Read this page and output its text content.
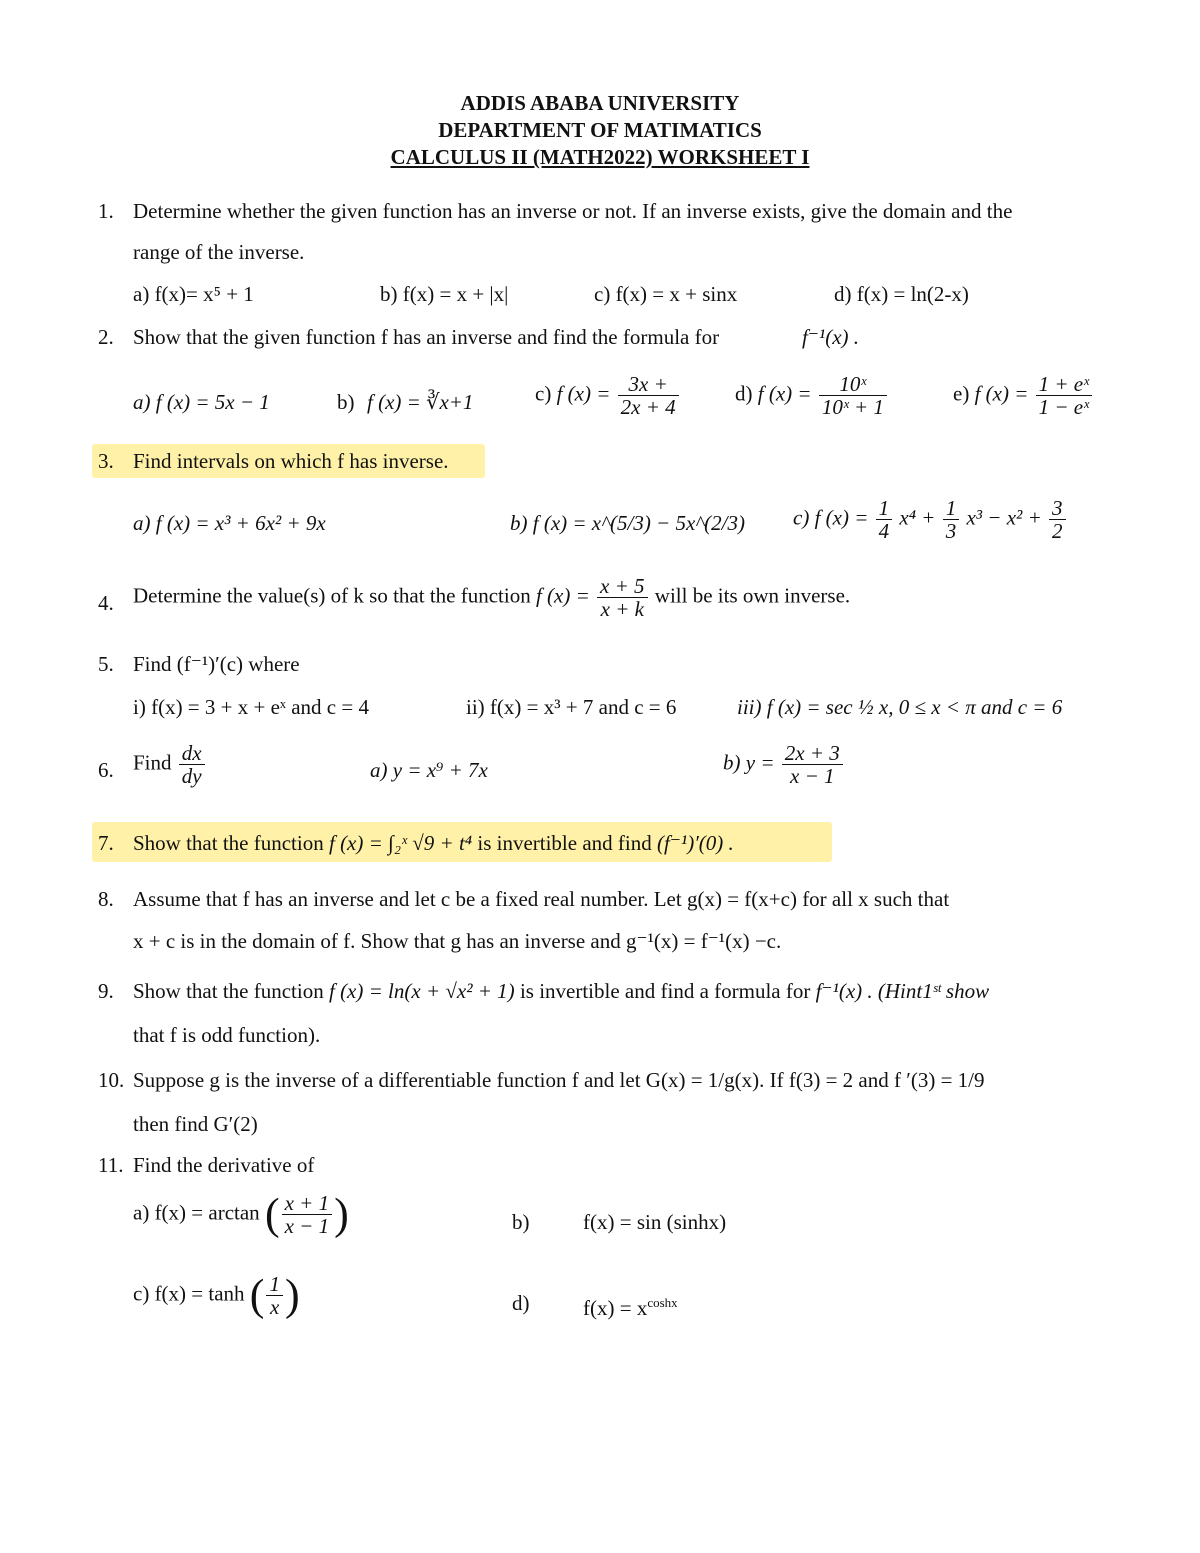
ADDIS ABABA UNIVERSITY
DEPARTMENT OF MATIMATICS
CALCULUS II (MATH2022) WORKSHEET I
1. Determine whether the given function has an inverse or not. If an inverse exists, give the domain and the
range of the inverse.
a) f(x)= x⁵ + 1	b) f(x) = x + |x|	c) f(x) = x + sinx	d) f(x) = ln(2-x)
2. Show that the given function f has an inverse and find the formula for	f⁻¹(x) .
a) f (x) = 5x − 1	b) f (x) = ∛x+1	c) f $(x) = \frac{3x +}{2x + 4}$	d) f $(x) = \frac{\text{10ˣ}}{\text{10ˣ + 1}}$	e) f $(x) = \frac{\text{1 + eˣ}}{\text{1 − eˣ}}$
3. Find intervals on which f has inverse.
a) f (x) = x³ + 6x² + 9x	b) f (x) = x^(5/3) − 5x^(2/3) c) f $(x) = \frac{1}{4} x^4 + \frac{1}{3} x^3 - x^2 + \frac{3}{2}$
4. Determine the value(s) of k so that the function f $(x) = \frac{x + 5}{x + k}$ will be its own inverse.
5. Find (f⁻¹)′(c) where
i) f(x) = 3 + x + eˣ and c = 4	ii) f(x) = x³ + 7 and c = 6	iii) f (x) = sec ½ x, 0 ≤ x < π and c = 6
6. Find $\frac{dx}{dy}$	a) y = x⁹ + 7x	b) $y = \frac{2x + 3}{x - 1}$
7. Show that the function f (x) = ∫₂ˣ √9 + t⁴ is invertible and find (f⁻¹)′(0) .
8. Assume that f has an inverse and let c be a fixed real number. Let g(x) = f(x+c) for all x such that
x + c is in the domain of f. Show that g has an inverse and g⁻¹(x) = f⁻¹(x) −c.
9. Show that the function f (x) = ln(x + √x² + 1) is invertible and find a formula for f⁻¹(x) . (Hint1ˢᵗ show
that f is odd function).
10. Suppose g is the inverse of a differentiable function f and let G(x) = 1/g(x). If f(3) = 2 and f ′(3) = 1/9
then find G′(2)
11. Find the derivative of
a) f(x) = arctan ( $\frac{x + 1}{x - 1}$ )	b)	f(x) = sin (sinhx)
c) f(x) = tanh ( $\frac{1}{x}$ )	d)	$f(x) = x^{coshx}$
